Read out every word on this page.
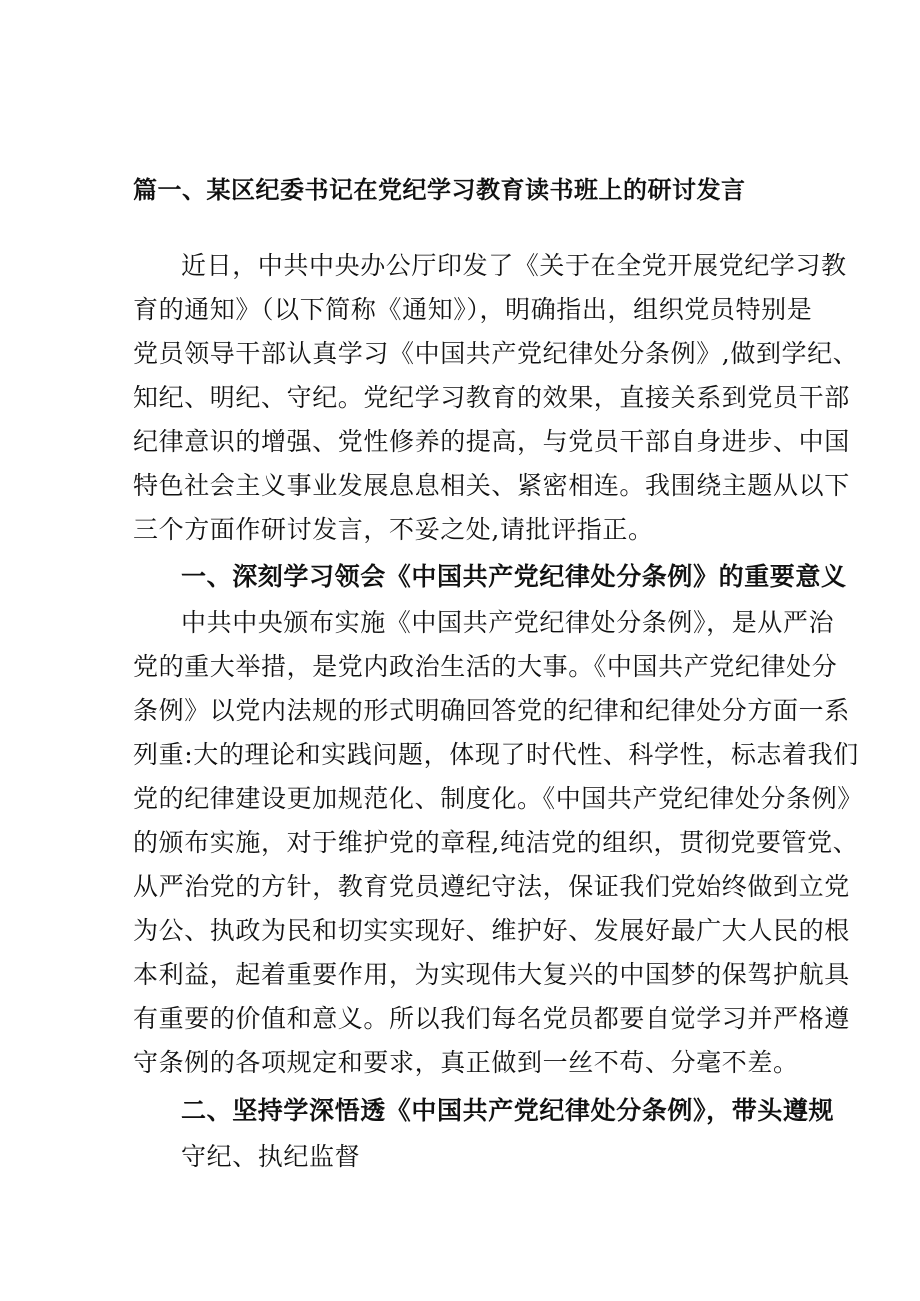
篇一、某区纪委书记在党纪学习教育读书班上的研讨发言
近日，中共中央办公厅印发了《关于在全党开展党纪学习教
育的通知》（以下简称《通知》），明确指出，组织党员特别是
党员领导干部认真学习《中国共产党纪律处分条例》,做到学纪、
知纪、明纪、守纪。党纪学习教育的效果，直接关系到党员干部
纪律意识的增强、党性修养的提高，与党员干部自身进步、中国
特色社会主义事业发展息息相关、紧密相连。我围绕主题从以下
三个方面作研讨发言，不妥之处,请批评指正。
一、深刻学习领会《中国共产党纪律处分条例》的重要意义
中共中央颁布实施《中国共产党纪律处分条例》，是从严治
党的重大举措，是党内政治生活的大事。《中国共产党纪律处分
条例》以党内法规的形式明确回答党的纪律和纪律处分方面一系
列重:大的理论和实践问题，体现了时代性、科学性，标志着我们
党的纪律建设更加规范化、制度化。《中国共产党纪律处分条例》
的颁布实施，对于维护党的章程,纯洁党的组织，贯彻党要管党、
从严治党的方针，教育党员遵纪守法，保证我们党始终做到立党
为公、执政为民和切实实现好、维护好、发展好最广大人民的根
本利益，起着重要作用，为实现伟大复兴的中国梦的保驾护航具
有重要的价值和意义。所以我们每名党员都要自觉学习并严格遵
守条例的各项规定和要求，真正做到一丝不苟、分毫不差。
二、坚持学深悟透《中国共产党纪律处分条例》，带头遵规
守纪、执纪监督
